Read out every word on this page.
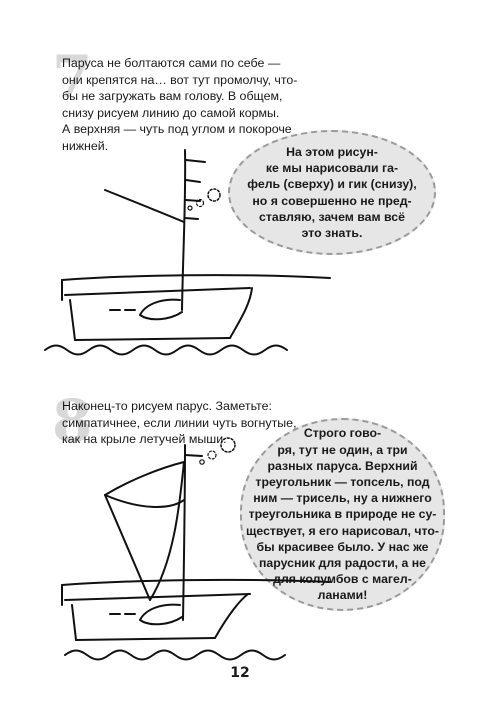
7
Паруса не болтаются сами по себе —
они крепятся на… вот тут промолчу, что-
бы не загружать вам голову. В общем,
снизу рисуем линию до самой кормы.
А верхняя — чуть под углом и покороче
нижней.	На этом рисун-
ке мы нарисовали га-
фель (сверху) и гик (снизу),
но я совершенно не пред-
ставляю, зачем вам всё
это знать.
8
Наконец-то рисуем парус. Заметьте:
симпатичнее, если линии чуть вогнутые,
как на крыле летучей мыши.	Строго гово-
ря, тут не один, а три
разных паруса. Верхний
треугольник — топсель, под
ним — трисель, ну а нижнего
треугольника в природе не су-
ществует, я его нарисовал, что-
бы красивее было. У нас же
парусник для радости, а не
для колумбов с магел-
ланами!
12
